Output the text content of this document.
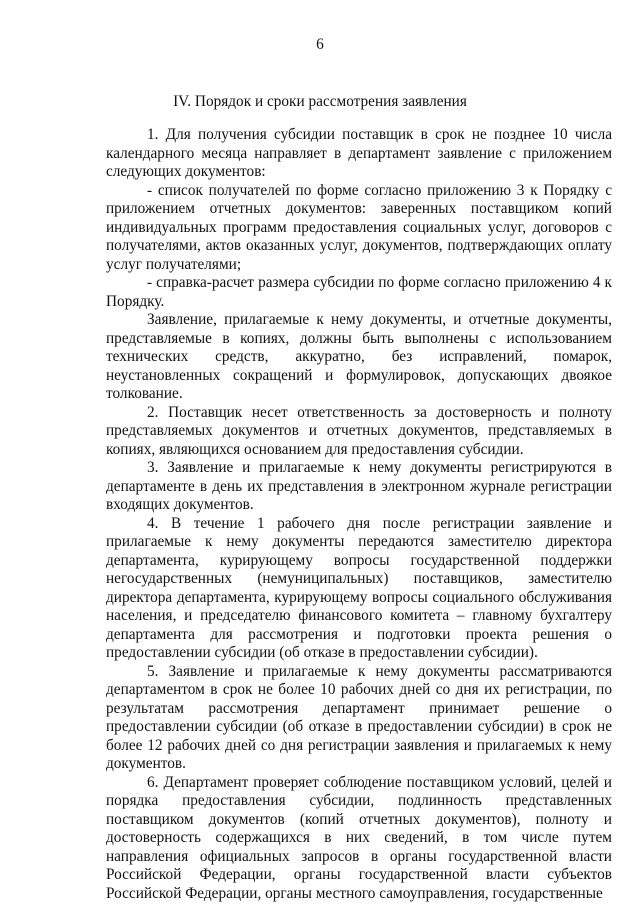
6
IV. Порядок и сроки рассмотрения заявления

1. Для получения субсидии поставщик в срок не позднее 10 числа календарного месяца направляет в департамент заявление с приложением следующих документов:

- список получателей по форме согласно приложению 3 к Порядку с приложением отчетных документов: заверенных поставщиком копий индивидуальных программ предоставления социальных услуг, договоров с получателями, актов оказанных услуг, документов, подтверждающих оплату услуг получателями;

- справка-расчет размера субсидии по форме согласно приложению 4 к Порядку.

Заявление, прилагаемые к нему документы, и отчетные документы, представляемые в копиях, должны быть выполнены с использованием технических средств, аккуратно, без исправлений, помарок, неустановленных сокращений и формулировок, допускающих двоякое толкование.

2. Поставщик несет ответственность за достоверность и полноту представляемых документов и отчетных документов, представляемых в копиях, являющихся основанием для предоставления субсидии.

3. Заявление и прилагаемые к нему документы регистрируются в департаменте в день их представления в электронном журнале регистрации входящих документов.

4. В течение 1 рабочего дня после регистрации заявление и прилагаемые к нему документы передаются заместителю директора департамента, курирующему вопросы государственной поддержки негосударственных (немуниципальных) поставщиков, заместителю директора департамента, курирующему вопросы социального обслуживания населения, и председателю финансового комитета – главному бухгалтеру департамента для рассмотрения и подготовки проекта решения о предоставлении субсидии (об отказе в предоставлении субсидии).

5. Заявление и прилагаемые к нему документы рассматриваются департаментом в срок не более 10 рабочих дней со дня их регистрации, по результатам рассмотрения департамент принимает решение о предоставлении субсидии (об отказе в предоставлении субсидии) в срок не более 12 рабочих дней со дня регистрации заявления и прилагаемых к нему документов.

6. Департамент проверяет соблюдение поставщиком условий, целей и порядка предоставления субсидии, подлинность представленных поставщиком документов (копий отчетных документов), полноту и достоверность содержащихся в них сведений, в том числе путем направления официальных запросов в органы государственной власти Российской Федерации, органы государственной власти субъектов Российской Федерации, органы местного самоуправления, государственные
